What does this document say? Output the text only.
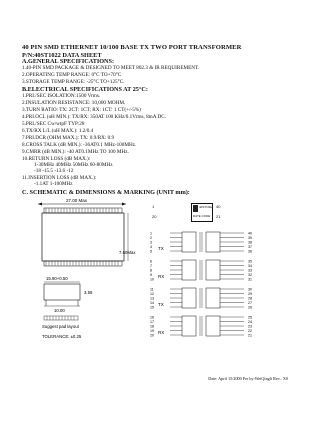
40 PIN SMD ETHERNET 10/100 BASE TX TWO PORT TRANSFORMER
P/N:40ST1022 DATA SHEET
A.GENERAL SPECIFICATIONS:
1.40-PIN SMD PACKAGE & DESIGNED TO MEET 802.3 & IR REQUIREMENT.
2.OPERATING TEMP RANGE: 0°C TO+70°C
3.STORAGE TEMP RANGE: -25°C TO+125°C.
B.ELECTRICAL SPECIFICATIONS AT 25°C:
1.PRI./SEC ISOLATION:1500 Vrms.
2.INSULATION RESISTANCE: 10,000 MOHM.
3.TURN RATIO: TX: 2CT: 1CT; RX: 1CT: 1 CT(+/-5%)
4.PRI.OCL (uH MIN.): TX/RX: 350AT 100 KHz/0.1Vrms, 8mA DC.
5.PRI./SEC Cw/wtpF TYP:28
6.TX/RX L/L (uH MAX.): 1.2/0.4
7.PRI.DCR (OHM MAX.): TX: 0.9/RX: 0.9
8.CROSS TALK (dB MIN.): -36AT0.1 MHz-100MHz.
9.CMRR (dB MIN.): -40 AT0.1MHz TO 100 MHz.
10.RETURN LOSS (dB MAX.):
1-30MHz 40MHz 50MHz 60-80MHz
-18 -15.5 -13.6 -12
11.INSERTION LOSS (dB MAX.):
-1.1AT 1-100MHz
C. SCHEMATIC & DIMENSIONS & MARKING (UNIT mm):
27.00 Max
7.60Max
15.90+0.50
10.00
3.58
Suggest pad layout
TOLERANCE: ±0.25
40ST1022
DATE CODE
1
20
40
21
TX
RX
TX
RX
1	40
2	39
3	38
4	37
5	36
6	35
7	34
8	33
9	32
10	31
11	30
12	29
13	28
14	27
15	26
16	25
17	24
18	23
19	22
20	21
Date: April 15/2000 Pre by:WeiQingli Rev.: X0
